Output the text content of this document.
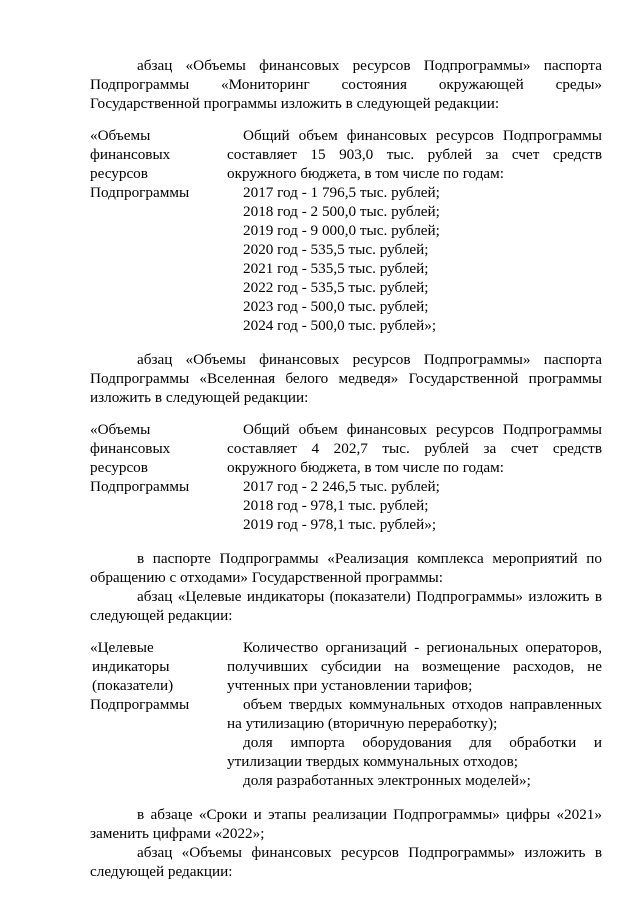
абзац «Объемы финансовых ресурсов Подпрограммы» паспорта
Подпрограммы «Мониторинг состояния окружающей среды»
Государственной программы изложить в следующей редакции:
«Объемы
финансовых
ресурсов
Подпрограммы
Общий объем финансовых ресурсов Подпрограммы
составляет 15 903,0 тыс. рублей за счет средств
окружного бюджета, в том числе по годам:
2017 год - 1 796,5 тыс. рублей;
2018 год - 2 500,0 тыс. рублей;
2019 год - 9 000,0 тыс. рублей;
2020 год - 535,5 тыс. рублей;
2021 год - 535,5 тыс. рублей;
2022 год - 535,5 тыс. рублей;
2023 год - 500,0 тыс. рублей;
2024 год - 500,0 тыс. рублей»;
абзац «Объемы финансовых ресурсов Подпрограммы» паспорта
Подпрограммы «Вселенная белого медведя» Государственной программы
изложить в следующей редакции:
«Объемы
финансовых
ресурсов
Подпрограммы
Общий объем финансовых ресурсов Подпрограммы
составляет 4 202,7 тыс. рублей за счет средств
окружного бюджета, в том числе по годам:
2017 год - 2 246,5 тыс. рублей;
2018 год - 978,1 тыс. рублей;
2019 год - 978,1 тыс. рублей»;
в паспорте Подпрограммы «Реализация комплекса мероприятий по
обращению с отходами» Государственной программы:
абзац «Целевые индикаторы (показатели) Подпрограммы» изложить в
следующей редакции:
«Целевые
индикаторы
(показатели)
Подпрограммы
Количество организаций - региональных операторов,
получивших субсидии на возмещение расходов, не
учтенных при установлении тарифов;
объем твердых коммунальных отходов направленных
на утилизацию (вторичную переработку);
доля импорта оборудования для обработки и
утилизации твердых коммунальных отходов;
доля разработанных электронных моделей»;
в абзаце «Сроки и этапы реализации Подпрограммы» цифры «2021»
заменить цифрами «2022»;
абзац «Объемы финансовых ресурсов Подпрограммы» изложить в
следующей редакции:
